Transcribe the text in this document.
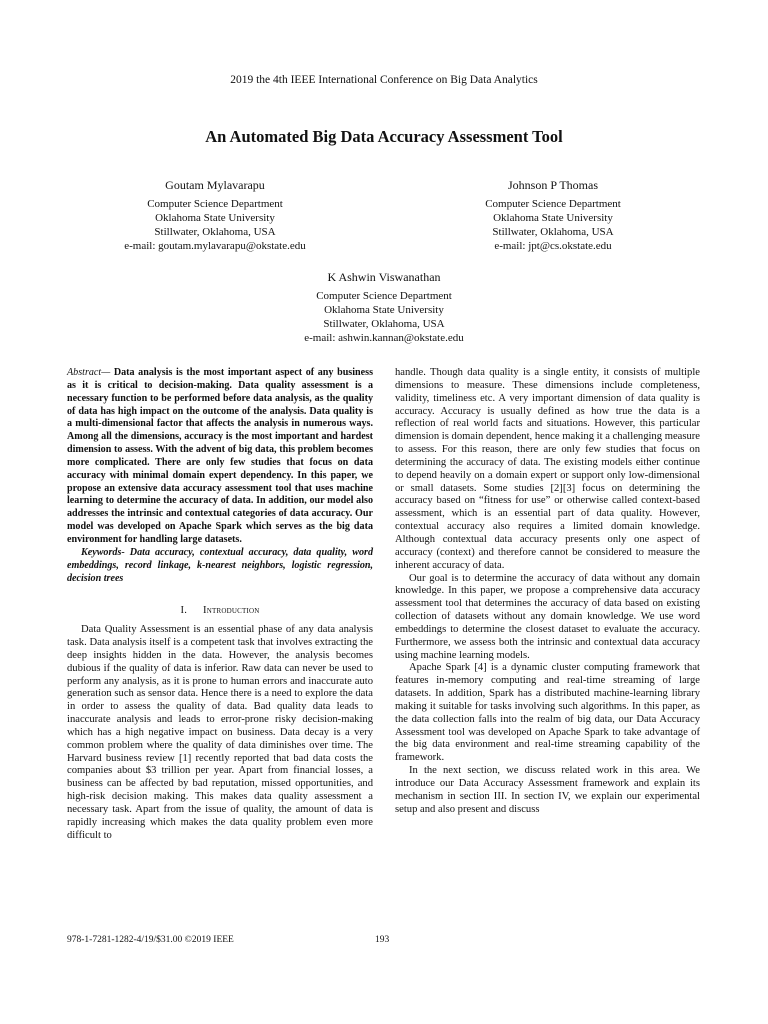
2019 the 4th IEEE International Conference on Big Data Analytics
An Automated Big Data Accuracy Assessment Tool
Goutam Mylavarapu
Computer Science Department
Oklahoma State University
Stillwater, Oklahoma, USA
e-mail: goutam.mylavarapu@okstate.edu
Johnson P Thomas
Computer Science Department
Oklahoma State University
Stillwater, Oklahoma, USA
e-mail: jpt@cs.okstate.edu
K Ashwin Viswanathan
Computer Science Department
Oklahoma State University
Stillwater, Oklahoma, USA
e-mail: ashwin.kannan@okstate.edu

Abstract— Data analysis is the most important aspect of any business as it is critical to decision-making. Data quality assessment is a necessary function to be performed before data analysis, as the quality of data has high impact on the outcome of the analysis. Data quality is a multi-dimensional factor that affects the analysis in numerous ways. Among all the dimensions, accuracy is the most important and hardest dimension to assess. With the advent of big data, this problem becomes more complicated. There are only few studies that focus on data accuracy with minimal domain expert dependency. In this paper, we propose an extensive data accuracy assessment tool that uses machine learning to determine the accuracy of data. In addition, our model also addresses the intrinsic and contextual categories of data accuracy. Our model was developed on Apache Spark which serves as the big data environment for handling large datasets.

Keywords- Data accuracy, contextual accuracy, data quality, word embeddings, record linkage, k-nearest neighbors, logistic regression, decision trees

I. Introduction

Data Quality Assessment is an essential phase of any data analysis task. Data analysis itself is a competent task that involves extracting the deep insights hidden in the data. However, the analysis becomes dubious if the quality of data is inferior. Raw data can never be used to perform any analysis, as it is prone to human errors and inaccurate auto generation such as sensor data. Hence there is a need to explore the data in order to assess the quality of data. Bad quality data leads to inaccurate analysis and leads to error-prone risky decision-making which has a high negative impact on business. Data decay is a very common problem where the quality of data diminishes over time. The Harvard business review [1] recently reported that bad data costs the companies about $3 trillion per year. Apart from financial losses, a business can be affected by bad reputation, missed opportunities, and high-risk decision making. This makes data quality assessment a necessary task. Apart from the issue of quality, the amount of data is rapidly increasing which makes the data quality problem even more difficult to

handle. Though data quality is a single entity, it consists of multiple dimensions to measure. These dimensions include completeness, validity, timeliness etc. A very important dimension of data quality is accuracy. Accuracy is usually defined as how true the data is a reflection of real world facts and situations. However, this particular dimension is domain dependent, hence making it a challenging measure to assess. For this reason, there are only few studies that focus on determining the accuracy of data. The existing models either continue to depend heavily on a domain expert or support only low-dimensional or small datasets. Some studies [2][3] focus on determining the accuracy based on “fitness for use” or otherwise called context-based assessment, which is an essential part of data quality. However, contextual accuracy also requires a limited domain knowledge. Although contextual data accuracy presents only one aspect of accuracy (context) and therefore cannot be considered to measure the inherent accuracy of data.

Our goal is to determine the accuracy of data without any domain knowledge. In this paper, we propose a comprehensive data accuracy assessment tool that determines the accuracy of data based on existing collection of datasets without any domain knowledge. We use word embeddings to determine the closest dataset to evaluate the accuracy. Furthermore, we assess both the intrinsic and contextual data accuracy using machine learning models.

Apache Spark [4] is a dynamic cluster computing framework that features in-memory computing and real-time streaming of large datasets. In addition, Spark has a distributed machine-learning library making it suitable for tasks involving such algorithms. In this paper, as the data collection falls into the realm of big data, our Data Accuracy Assessment tool was developed on Apache Spark to take advantage of the big data environment and real-time streaming capability of the framework.

In the next section, we discuss related work in this area. We introduce our Data Accuracy Assessment framework and explain its mechanism in section III. In section IV, we explain our experimental setup and also present and discuss

978-1-7281-1282-4/19/$31.00 ©2019 IEEE	193
